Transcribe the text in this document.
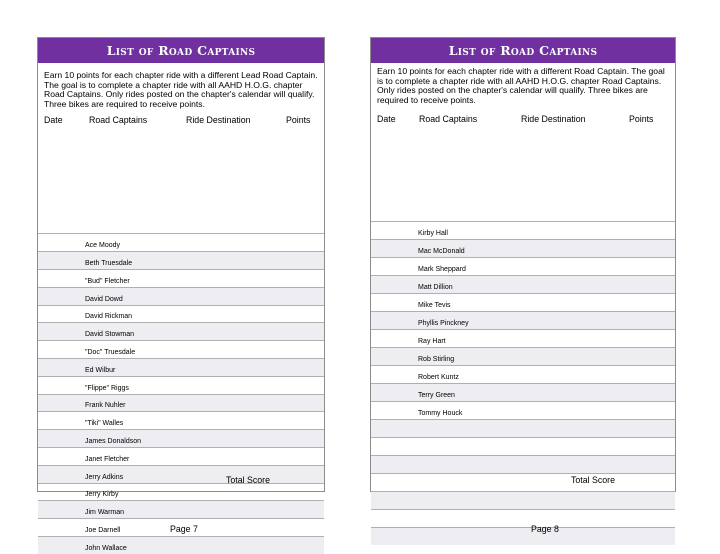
List of Road Captains
Earn 10 points for each chapter ride with a different Lead Road Captain. The goal is to complete a chapter ride with all AAHD H.O.G. chapter Road Captains. Only rides posted on the chapter's calendar will qualify. Three bikes are required to receive points.
Date	Road Captains	Ride Destination	Points
Ace Moody
Beth Truesdale
"Bud" Fletcher
David Dowd
David Rickman
David Stowman
"Doc" Truesdale
Ed Wilbur
"Flippe" Riggs
Frank Nuhler
"Tiki" Walles
James Donaldson
Janet Fletcher
Jerry Adkins
Jerry Kirby
Jim Warman
Joe Darnell
John Wallace
Total Score
List of Road Captains
Earn 10 points for each chapter ride with a different Road Captain. The goal is to complete a chapter ride with all AAHD H.O.G. chapter Road Captains. Only rides posted on the chapter's calendar will qualify. Three bikes are required to receive points.
Date	Road Captains	Ride Destination	Points
Kirby Hall
Mac McDonald
Mark Sheppard
Matt Dillion
Mike Tevis
Phyllis Pinckney
Ray Hart
Rob Stirling
Robert Kuntz
Terry Green
Tommy Houck
Total Score
Page 7	Page 8
